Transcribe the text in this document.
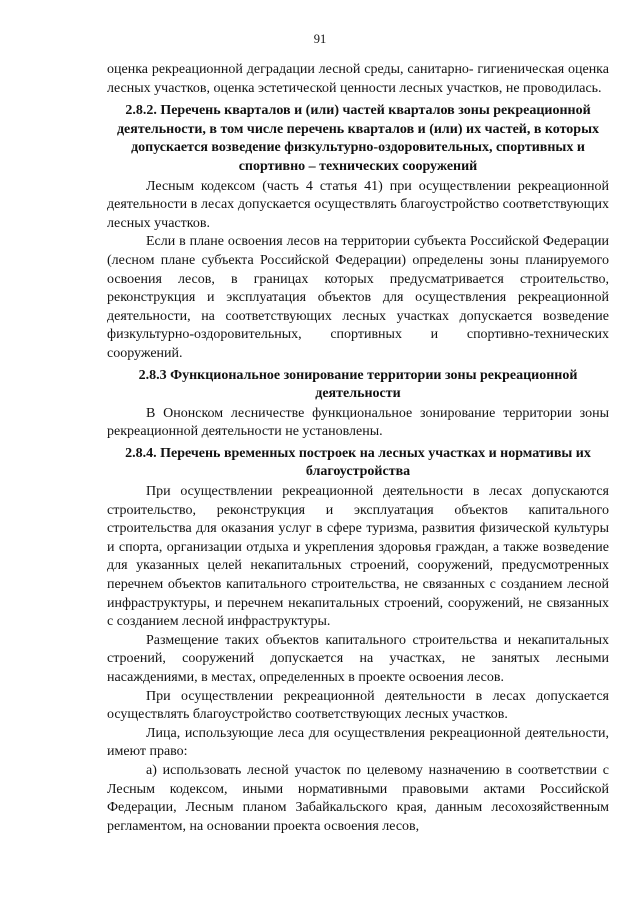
91

оценка рекреационной деградации лесной среды, санитарно- гигиеническая оценка лесных участков, оценка эстетической ценности лесных участков, не проводилась.

2.8.2. Перечень кварталов и (или) частей кварталов зоны рекреационной деятельности, в том числе перечень кварталов и (или) их частей, в которых допускается возведение физкультурно-оздоровительных, спортивных и спортивно – технических сооружений

Лесным кодексом (часть 4 статья 41) при осуществлении рекреационной деятельности в лесах допускается осуществлять благоустройство соответствующих лесных участков.

Если в плане освоения лесов на территории субъекта Российской Федерации (лесном плане субъекта Российской Федерации) определены зоны планируемого освоения лесов, в границах которых предусматривается строительство, реконструкция и эксплуатация объектов для осуществления рекреационной деятельности, на соответствующих лесных участках допускается возведение физкультурно-оздоровительных, спортивных и спортивно-технических сооружений.

2.8.3 Функциональное зонирование территории зоны рекреационной деятельности

В Ононском лесничестве функциональное зонирование территории зоны рекреационной деятельности не установлены.

2.8.4. Перечень временных построек на лесных участках и нормативы их благоустройства

При осуществлении рекреационной деятельности в лесах допускаются строительство, реконструкция и эксплуатация объектов капитального строительства для оказания услуг в сфере туризма, развития физической культуры и спорта, организации отдыха и укрепления здоровья граждан, а также возведение для указанных целей некапитальных строений, сооружений, предусмотренных перечнем объектов капитального строительства, не связанных с созданием лесной инфраструктуры, и перечнем некапитальных строений, сооружений, не связанных с созданием лесной инфраструктуры.

Размещение таких объектов капитального строительства и некапитальных строений, сооружений допускается на участках, не занятых лесными насаждениями, в местах, определенных в проекте освоения лесов.

При осуществлении рекреационной деятельности в лесах допускается осуществлять благоустройство соответствующих лесных участков.

Лица, использующие леса для осуществления рекреационной деятельности, имеют право:

а) использовать лесной участок по целевому назначению в соответствии с Лесным кодексом, иными нормативными правовыми актами Российской Федерации, Лесным планом Забайкальского края, данным лесохозяйственным регламентом, на основании проекта освоения лесов,
